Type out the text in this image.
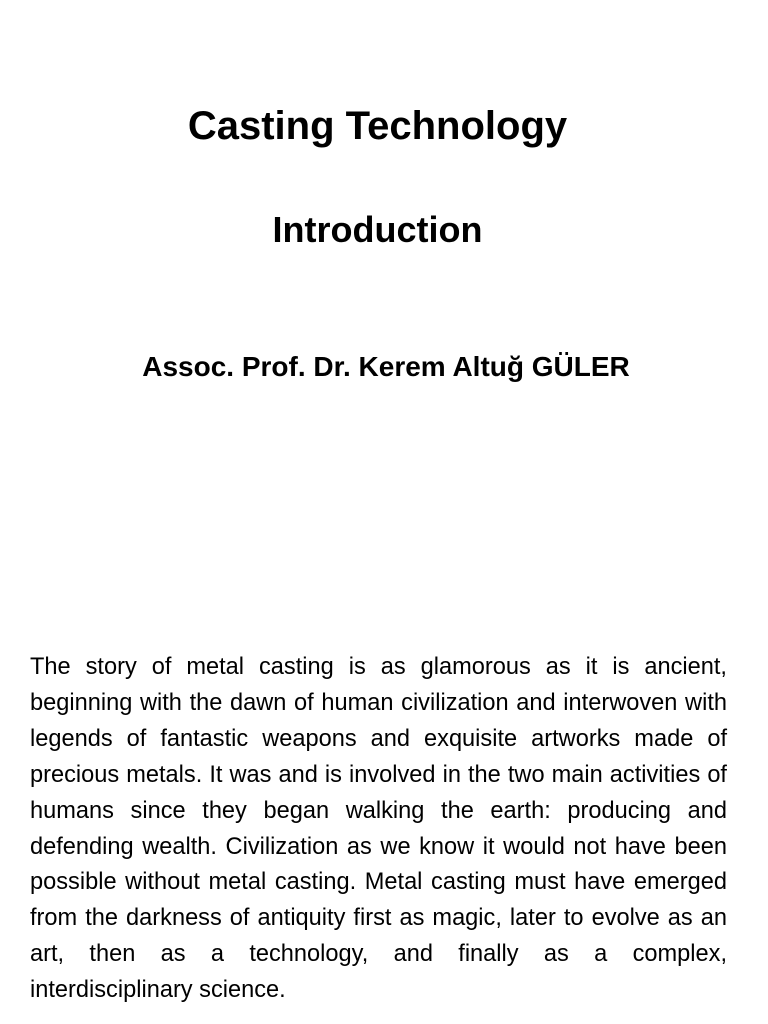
Casting Technology
Introduction
Assoc. Prof. Dr. Kerem Altuğ GÜLER

The story of metal casting is as glamorous as it is ancient, beginning with the dawn of human civilization and interwoven with legends of fantastic weapons and exquisite artworks made of precious metals. It was and is involved in the two main activities of humans since they began walking the earth: producing and defending wealth. Civilization as we know it would not have been possible without metal casting. Metal casting must have emerged from the darkness of antiquity first as magic, later to evolve as an art, then as a technology, and finally as a complex, interdisciplinary science.
